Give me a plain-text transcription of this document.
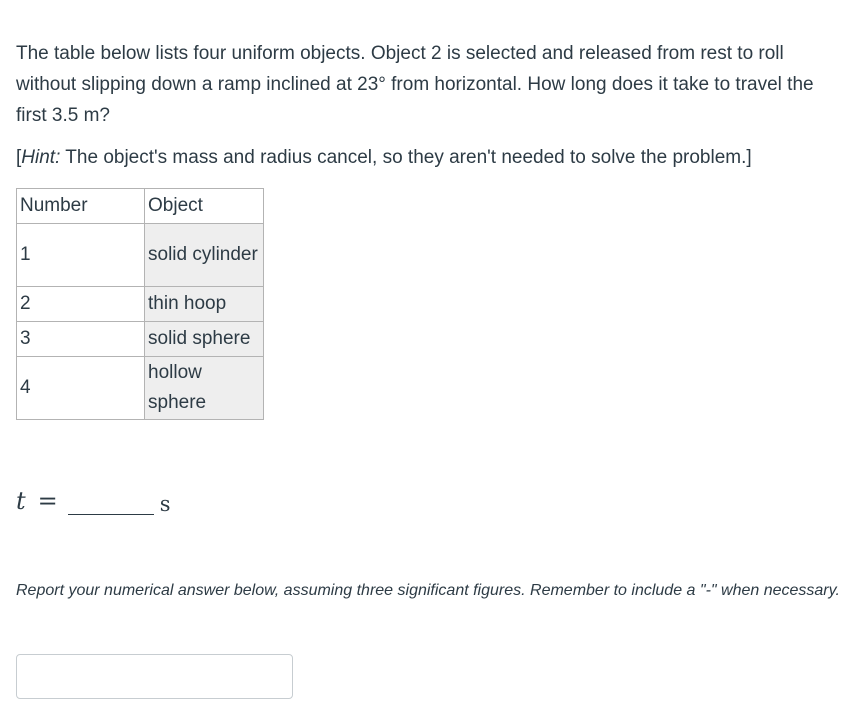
The table below lists four uniform objects. Object 2 is selected and released from rest to roll without slipping down a ramp inclined at 23° from horizontal. How long does it take to travel the first 3.5 m?

[Hint: The object's mass and radius cancel, so they aren't needed to solve the problem.]

Number	Object
1	solid cylinder
2	thin hoop
3	solid sphere
4	hollow sphere
t =	s

Report your numerical answer below, assuming three significant figures. Remember to include a "-" when necessary.
